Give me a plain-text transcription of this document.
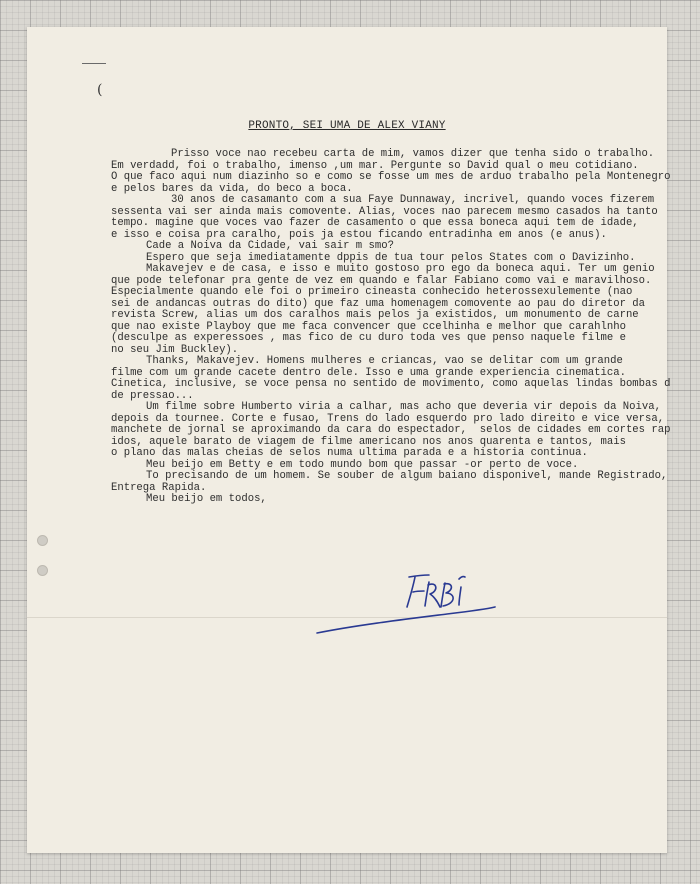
(
PRONTO, SEI UMA DE ALEX VIANY
Prisso voce nao recebeu carta de mim, vamos dizer que tenha sido o trabalho.
Em verdadd, foi o trabalho, imenso ,um mar. Pergunte so David qual o meu cotidiano.
O que faco aqui num diazinho so e como se fosse um mes de arduo trabalho pela Montenegro
e pelos bares da vida, do beco a boca.
30 anos de casamanto com a sua Faye Dunnaway, incrivel, quando voces fizerem
sessenta vai ser ainda mais comovente. Alias, voces nao parecem mesmo casados ha tanto
tempo. magine que voces vao fazer de casamento o que essa boneca aqui tem de idade,
e isso e coisa pra caralho, pois ja estou ficando entradinha em anos (e anus).
Cade a Noiva da Cidade, vai sair m smo?
Espero que seja imediatamente dppis de tua tour pelos States com o Davizinho.
Makavejev e de casa, e isso e muito gostoso pro ego da boneca aqui. Ter um genio
que pode telefonar pra gente de vez em quando e falar Fabiano como vai e maravilhoso.
Especialmente quando ele foi o primeiro cineasta conhecido heterossexulemente (nao
sei de andancas outras do dito) que faz uma homenagem comovente ao pau do diretor da
revista Screw, alias um dos caralhos mais pelos ja existidos, um monumento de carne
que nao existe Playboy que me faca convencer que ccelhinha e melhor que carahlnho
(desculpe as experessoes , mas fico de cu duro toda ves que penso naquele filme e
no seu Jim Buckley).
Thanks, Makavejev. Homens mulheres e criancas, vao se delitar com um grande
filme com um grande cacete dentro dele. Isso e uma grande experiencia cinematica.
Cinetica, inclusive, se voce pensa no sentido de movimento, como aquelas lindas bombas d
de pressao...
Um filme sobre Humberto viria a calhar, mas acho que deveria vir depois da Noiva,
depois da tournee. Corte e fusao, Trens do lado esquerdo pro lado direito e vice versa,
manchete de jornal se aproximando da cara do espectador,  selos de cidades em cortes rap
idos, aquele barato de viagem de filme americano nos anos quarenta e tantos, mais
o plano das malas cheias de selos numa ultima parada e a historia continua.
Meu beijo em Betty e em todo mundo bom que passar -or perto de voce.
To precisando de um homem. Se souber de algum baiano disponivel, mande Registrado,
Entrega Rapida.
Meu beijo em todos,
